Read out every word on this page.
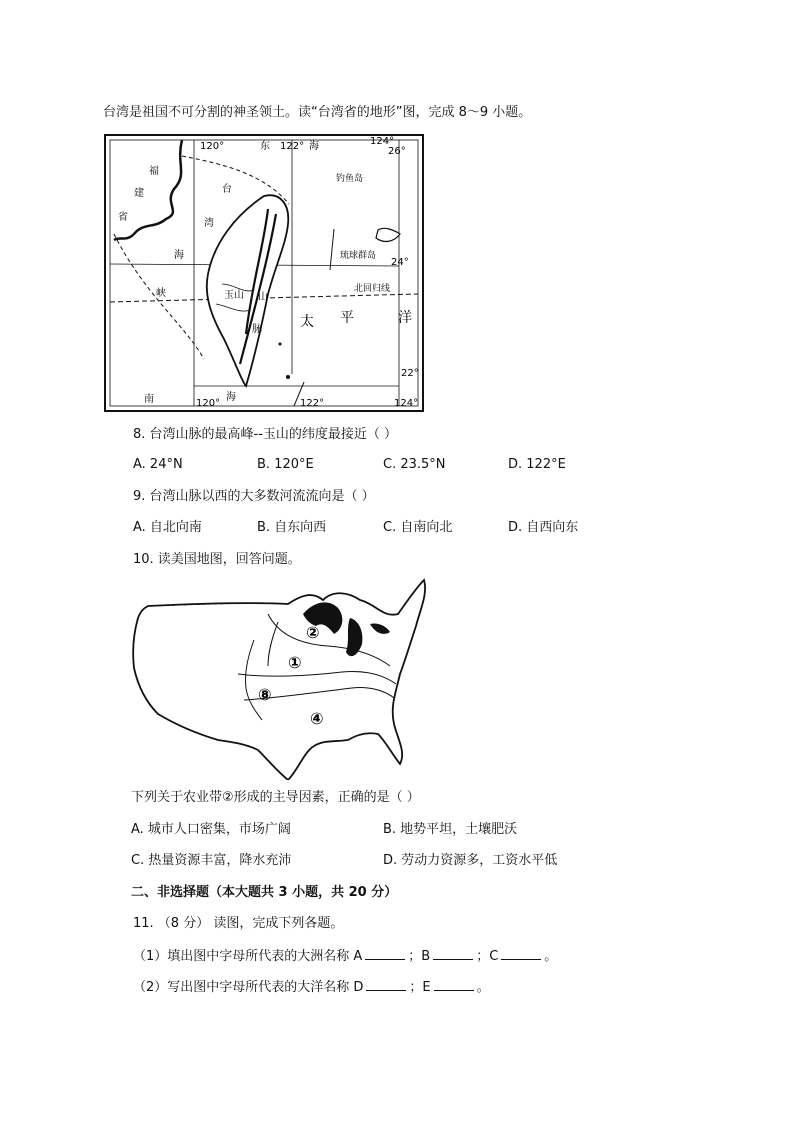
台湾是祖国不可分割的神圣领土。读“台湾省的地形”图，完成 8～9 小题。
120°	东 122° 海	124°
26°
24°
22°
南	120°
海
122°	124°
福
建
省
台
湾
海
峡
钓鱼岛
琉球群岛
北回归线
玉山 山
脉	太 平	洋
8. 台湾山脉的最高峰--玉山的纬度最接近（ ）
A. 24°N	B. 120°E	C. 23.5°N	D. 122°E
9. 台湾山脉以西的大多数河流流向是（ ）
A. 自北向南	B. 自东向西	C. 自南向北	D. 自西向东
10. 读美国地图，回答问题。
②
①
⑧
④
下列关于农业带②形成的主导因素，正确的是（ ）
A. 城市人口密集，市场广阔	B. 地势平坦，土壤肥沃
C. 热量资源丰富，降水充沛	D. 劳动力资源多，工资水平低
二、非选择题（本大题共 3 小题，共 20 分）
11. （8 分） 读图，完成下列各题。
（1）填出图中字母所代表的大洲名称 A	；B	；C	。
（2）写出图中字母所代表的大洋名称 D	；E	。
